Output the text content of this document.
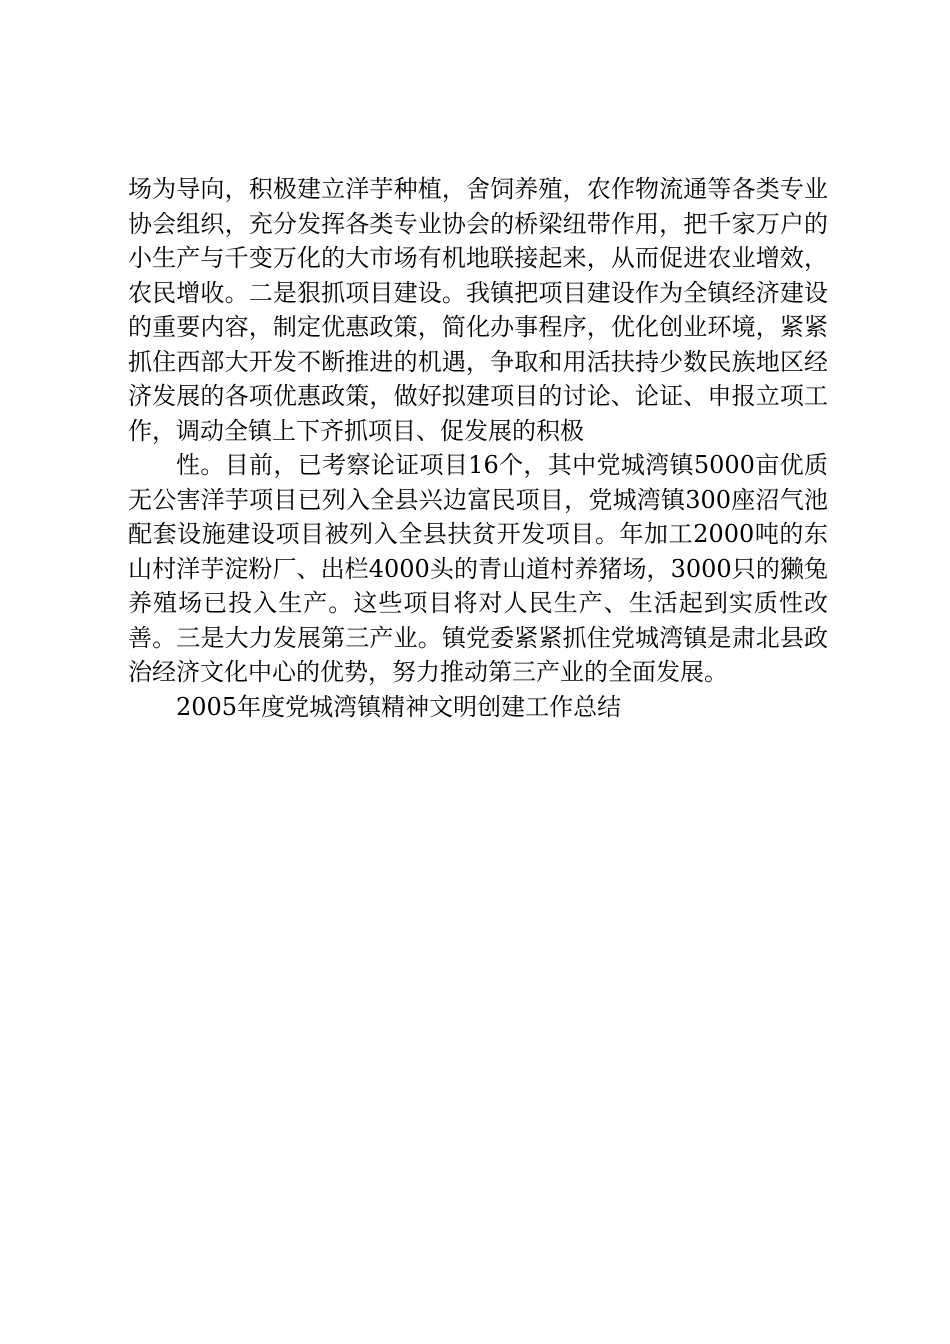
场为导向，积极建立洋芋种植，舍饲养殖，农作物流通等各类专业协会组织，充分发挥各类专业协会的桥梁纽带作用，把千家万户的小生产与千变万化的大市场有机地联接起来，从而促进农业增效，农民增收。二是狠抓项目建设。我镇把项目建设作为全镇经济建设的重要内容，制定优惠政策，简化办事程序，优化创业环境，紧紧抓住西部大开发不断推进的机遇，争取和用活扶持少数民族地区经济发展的各项优惠政策，做好拟建项目的讨论、论证、申报立项工作，调动全镇上下齐抓项目、促发展的积极

性。目前，已考察论证项目16个，其中党城湾镇5000亩优质无公害洋芋项目已列入全县兴边富民项目，党城湾镇300座沼气池配套设施建设项目被列入全县扶贫开发项目。年加工2000吨的东山村洋芋淀粉厂、出栏4000头的青山道村养猪场，3000只的獭兔养殖场已投入生产。这些项目将对人民生产、生活起到实质性改善。三是大力发展第三产业。镇党委紧紧抓住党城湾镇是肃北县政治经济文化中心的优势，努力推动第三产业的全面发展。

2005年度党城湾镇精神文明创建工作总结
